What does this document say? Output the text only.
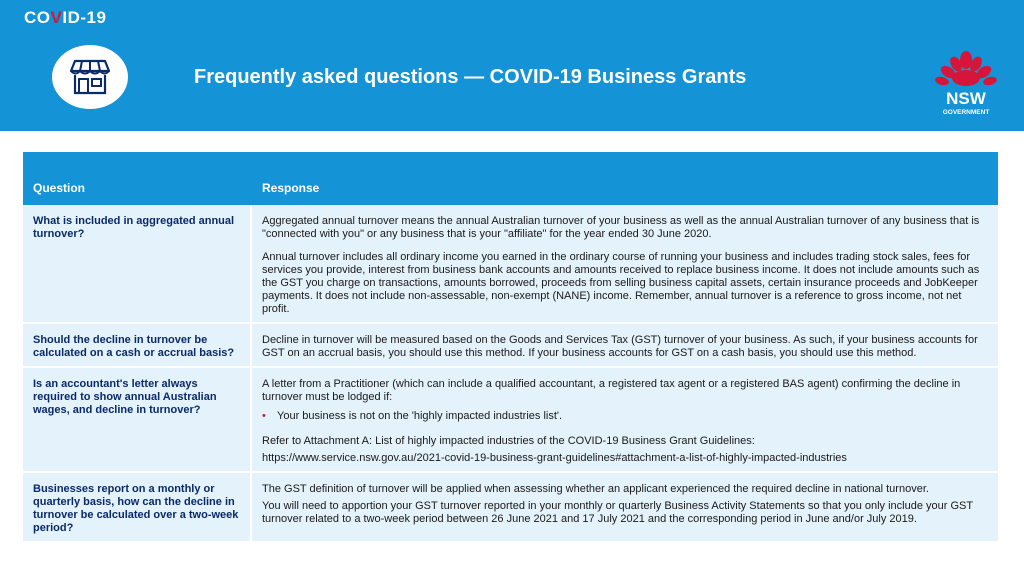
COVID-19
Frequently asked questions — COVID-19 Business Grants
NSW
GOVERNMENT
Question	Response
What is included in aggregated annual turnover?

Aggregated annual turnover means the annual Australian turnover of your business as well as the annual Australian turnover of any business that is "connected with you" or any business that is your "affiliate" for the year ended 30 June 2020.

Annual turnover includes all ordinary income you earned in the ordinary course of running your business and includes trading stock sales, fees for services you provide, interest from business bank accounts and amounts received to replace business income. It does not include amounts such as the GST you charge on transactions, amounts borrowed, proceeds from selling business capital assets, certain insurance proceeds and JobKeeper payments. It does not include non-assessable, non-exempt (NANE) income. Remember, annual turnover is a reference to gross income, not net profit.

Should the decline in turnover be calculated on a cash or accrual basis?

Decline in turnover will be measured based on the Goods and Services Tax (GST) turnover of your business. As such, if your business accounts for GST on an accrual basis, you should use this method. If your business accounts for GST on a cash basis, you should use this method.

Is an accountant's letter always required to show annual Australian wages, and decline in turnover?

A letter from a Practitioner (which can include a qualified accountant, a registered tax agent or a registered BAS agent) confirming the decline in turnover must be lodged if:

•	Your business is not on the 'highly impacted industries list'.

Refer to Attachment A: List of highly impacted industries of the COVID-19 Business Grant Guidelines:

https://www.service.nsw.gov.au/2021-covid-19-business-grant-guidelines#attachment-a-list-of-highly-impacted-industries

Businesses report on a monthly or quarterly basis, how can the decline in turnover be calculated over a two-week period?

The GST definition of turnover will be applied when assessing whether an applicant experienced the required decline in national turnover.

You will need to apportion your GST turnover reported in your monthly or quarterly Business Activity Statements so that you only include your GST turnover related to a two-week period between 26 June 2021 and 17 July 2021 and the corresponding period in June and/or July 2019.
